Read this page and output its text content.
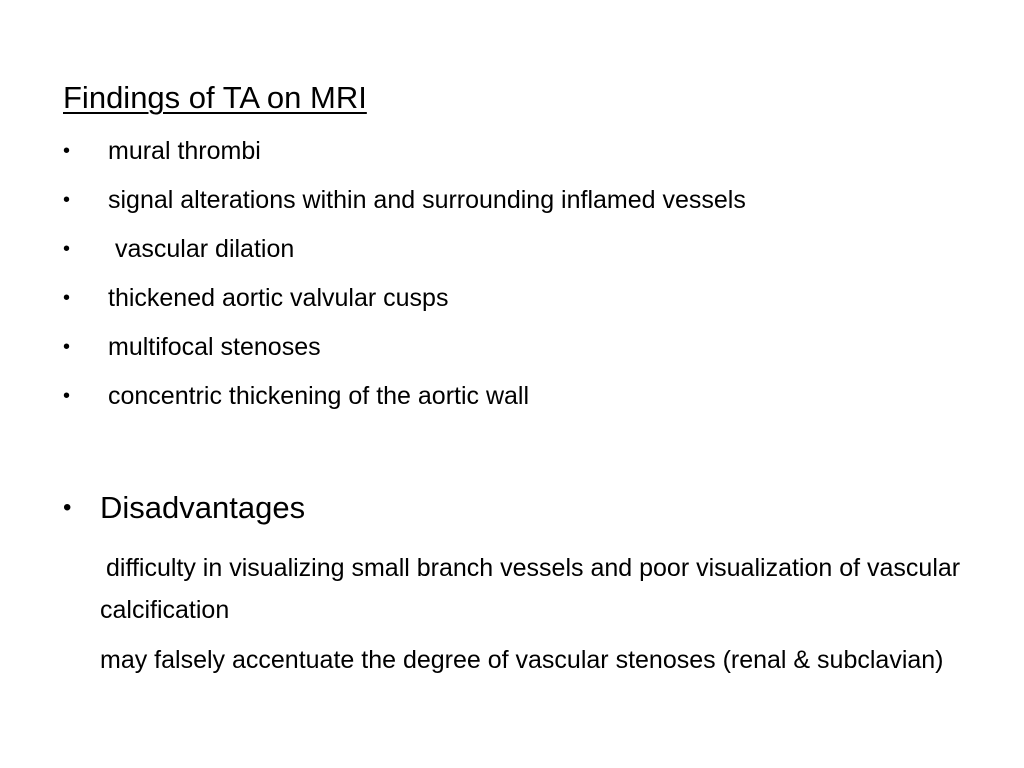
Findings of TA on MRI
• mural thrombi
• signal alterations within and surrounding inflamed vessels
• vascular dilation
• thickened aortic valvular cusps
• multifocal stenoses
• concentric thickening of the aortic wall
• Disadvantages
difficulty in visualizing small branch vessels and poor visualization of vascular calcification
may falsely accentuate the degree of vascular stenoses (renal & subclavian)
